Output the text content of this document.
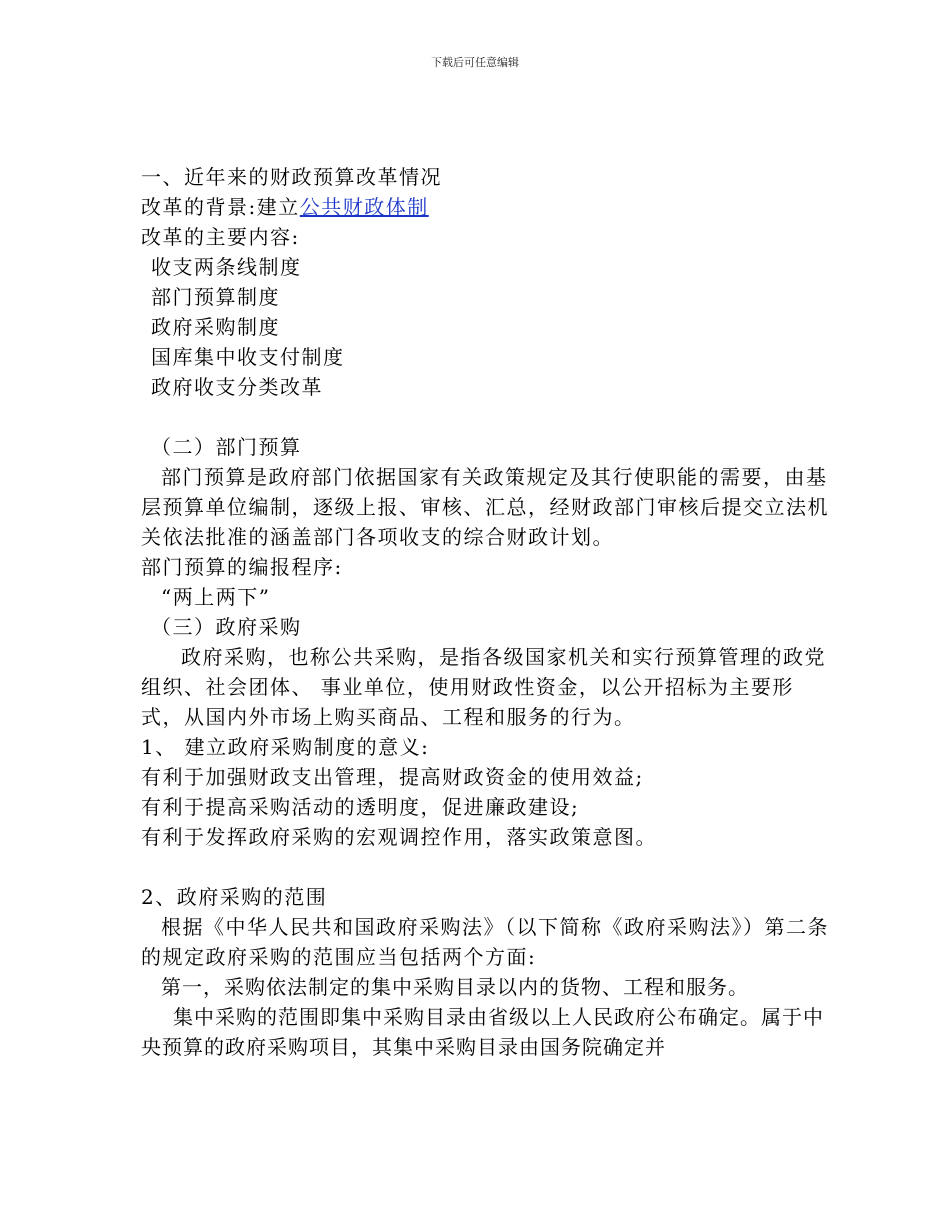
下载后可任意编辑

一、近年来的财政预算改革情况

改革的背景:建立公共财政体制

改革的主要内容:

收支两条线制度

部门预算制度

政府采购制度

国库集中收支付制度

政府收支分类改革

（二）部门预算

部门预算是政府部门依据国家有关政策规定及其行使职能的需要，由基层预算单位编制，逐级上报、审核、汇总，经财政部门审核后提交立法机关依法批准的涵盖部门各项收支的综合财政计划。

部门预算的编报程序:

“两上两下”

（三）政府采购

政府采购，也称公共采购，是指各级国家机关和实行预算管理的政党组织、社会团体、 事业单位，使用财政性资金，以公开招标为主要形式，从国内外市场上购买商品、工程和服务的行为。

1、 建立政府采购制度的意义:

有利于加强财政支出管理，提高财政资金的使用效益;

有利于提高采购活动的透明度，促进廉政建设;

有利于发挥政府采购的宏观调控作用，落实政策意图。

2、政府采购的范围

根据《中华人民共和国政府采购法》（以下简称《政府采购法》）第二条的规定政府采购的范围应当包括两个方面:

第一，采购依法制定的集中采购目录以内的货物、工程和服务。

集中采购的范围即集中采购目录由省级以上人民政府公布确定。属于中央预算的政府采购项目，其集中采购目录由国务院确定并
